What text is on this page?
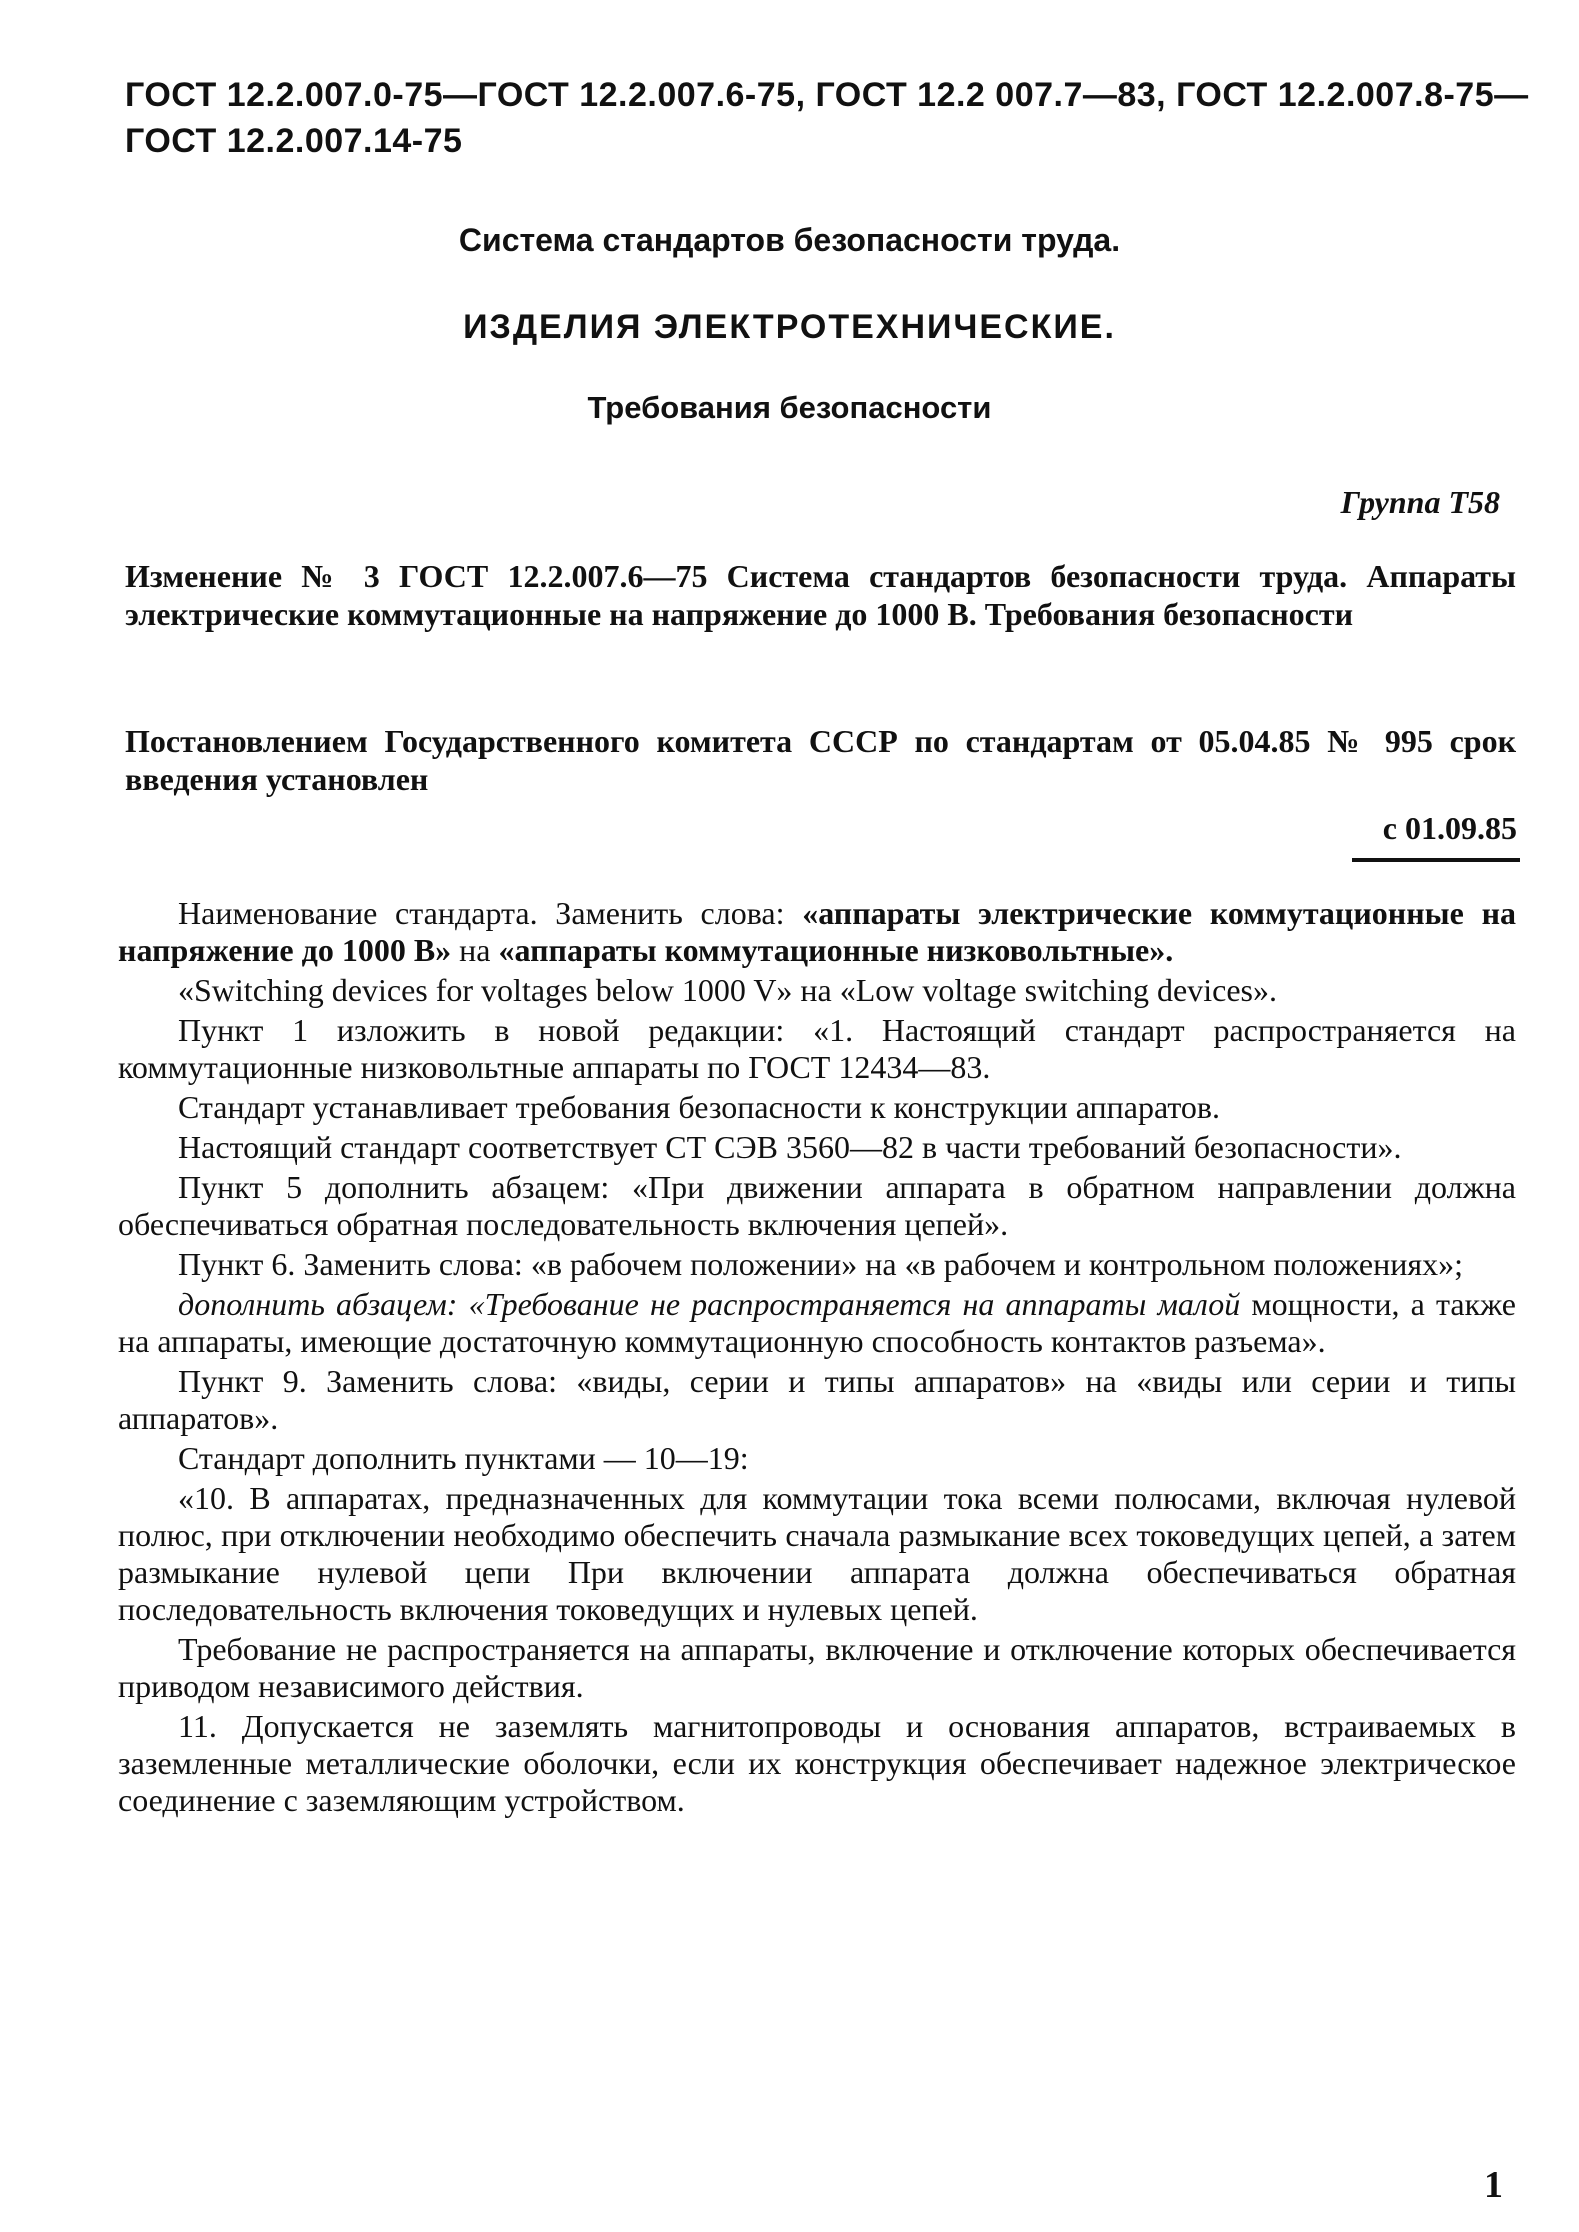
ГОСТ 12.2.007.0-75—ГОСТ 12.2.007.6-75, ГОСТ 12.2 007.7—83, ГОСТ 12.2.007.8-75—
ГОСТ 12.2.007.14-75
Система стандартов безопасности труда.
ИЗДЕЛИЯ ЭЛЕКТРОТЕХНИЧЕСКИЕ.
Требования безопасности
Группа Т58
Изменение № 3 ГОСТ 12.2.007.6—75 Система стандартов безопасности труда. Аппараты электрические коммутационные на напряжение до 1000 В. Требования безопасности
Постановлением Государственного комитета СССР по стандартам от 05.04.85 № 995 срок введения установлен
с 01.09.85

Наименование стандарта. Заменить слова: «аппараты электрические коммутационные на напряжение до 1000 В» на «аппараты коммутационные низковольтные».

«Switching devices for voltages below 1000 V» на «Low voltage switching devices».

Пункт 1 изложить в новой редакции: «1. Настоящий стандарт распространяется на коммутационные низковольтные аппараты по ГОСТ 12434—83.

Стандарт устанавливает требования безопасности к конструкции аппаратов.

Настоящий стандарт соответствует СТ СЭВ 3560—82 в части требований безопасности».

Пункт 5 дополнить абзацем: «При движении аппарата в обратном направлении должна обеспечиваться обратная последовательность включения цепей».

Пункт 6. Заменить слова: «в рабочем положении» на «в рабочем и контрольном положениях»;

дополнить абзацем: «Требование не распространяется на аппараты малой мощности, а также на аппараты, имеющие достаточную коммутационную способность контактов разъема».

Пункт 9. Заменить слова: «виды, серии и типы аппаратов» на «виды или серии и типы аппаратов».

Стандарт дополнить пунктами — 10—19:

«10. В аппаратах, предназначенных для коммутации тока всеми полюсами, включая нулевой полюс, при отключении необходимо обеспечить сначала размыкание всех токоведущих цепей, а затем размыкание нулевой цепи При включении аппарата должна обеспечиваться обратная последовательность включения токоведущих и нулевых цепей.

Требование не распространяется на аппараты, включение и отключение которых обеспечивается приводом независимого действия.

11. Допускается не заземлять магнитопроводы и основания аппаратов, встраиваемых в заземленные металлические оболочки, если их конструкция обеспечивает надежное электрическое соединение с заземляющим устройством.

1
